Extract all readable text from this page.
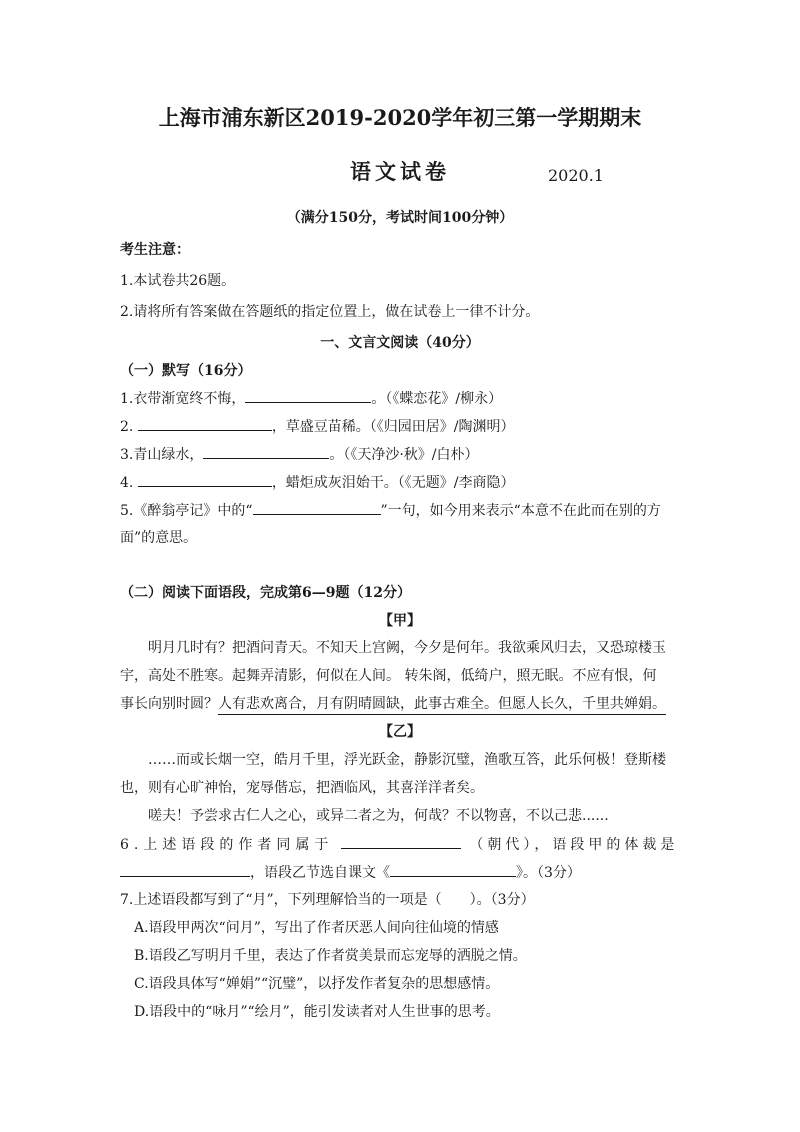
上海市浦东新区2019-2020学年初三第一学期期末
语文试卷	2020.1
（满分150分，考试时间100分钟）
考生注意：
1.本试卷共26题。
2.请将所有答案做在答题纸的指定位置上，做在试卷上一律不计分。
一、文言文阅读（40分）
（一）默写（16分）
1.衣带渐宽终不悔，	。（《蝶恋花》/柳永）
2.	，草盛豆苗稀。（《归园田居》/陶渊明）
3.青山绿水，	。（《天净沙·秋》/白朴）
4.	，蜡炬成灰泪始干。（《无题》/李商隐）
5.《醉翁亭记》中的“	”一句，如今用来表示“本意不在此而在别的方
面”的意思。
（二）阅读下面语段，完成第6—9题（12分）
【甲】
明月几时有？把酒问青天。不知天上宫阙，今夕是何年。我欲乘风归去，又恐琼楼玉
宇，高处不胜寒。起舞弄清影，何似在人间。 转朱阁，低绮户，照无眠。不应有恨，何
事长向别时圆？人有悲欢离合，月有阴晴圆缺，此事古难全。但愿人长久，千里共婵娟。
【乙】
……而或长烟一空，皓月千里，浮光跃金，静影沉璧，渔歌互答，此乐何极！登斯楼
也，则有心旷神怡，宠辱偕忘，把酒临风，其喜洋洋者矣。
嗟夫！予尝求古仁人之心，或异二者之为，何哉？不以物喜，不以己悲......
6.上述语段的作者同属于	（朝代），语段甲的体裁是
，语段乙节选自课文《	》。（3分）
7.上述语段都写到了“月”，下列理解恰当的一项是（　　）。（3分）
A.语段甲两次“问月”，写出了作者厌恶人间向往仙境的情感
B.语段乙写明月千里，表达了作者赏美景而忘宠辱的洒脱之情。
C.语段具体写“婵娟”“沉璧”，以抒发作者复杂的思想感情。
D.语段中的“咏月”“绘月”，能引发读者对人生世事的思考。
